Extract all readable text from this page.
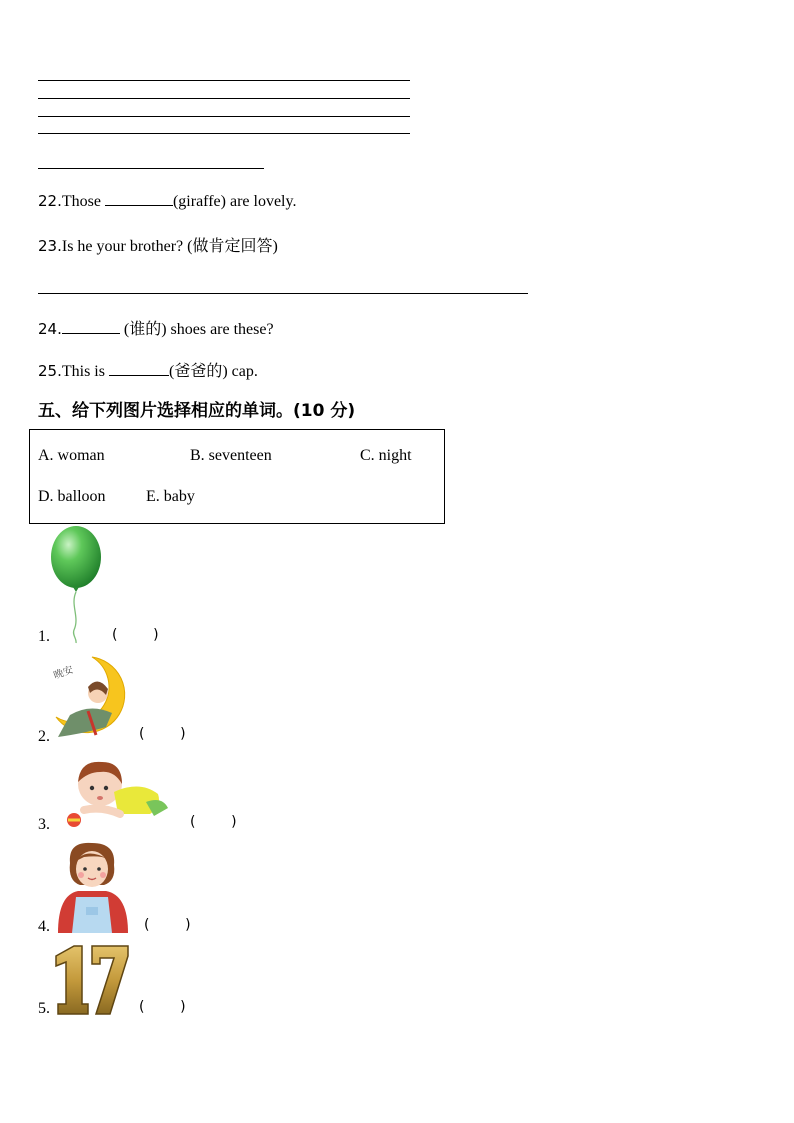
22.Those	(giraffe) are lovely.
23.Is he your brother? (做肯定回答)
24.	(谁的) shoes are these?
25.This is	(爸爸的) cap.
五、给下列图片选择相应的单词。(10 分)
A. woman	B. seventeen	C. night
D. balloon	E. baby
1.	(        )
晚安
2.	(        )
3.	(        )
4.	(        )
5.	(        )
